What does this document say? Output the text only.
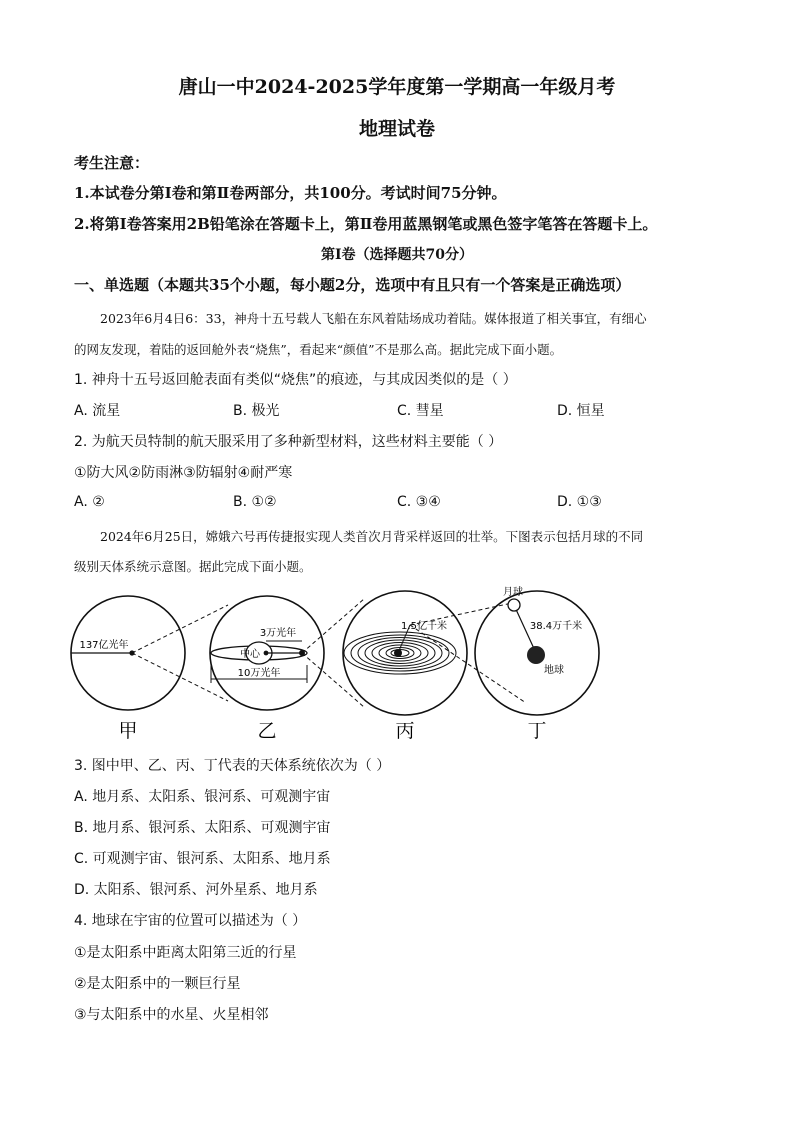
唐山一中2024-2025学年度第一学期高一年级月考
地理试卷
考生注意：
1.本试卷分第Ⅰ卷和第Ⅱ卷两部分，共100分。考试时间75分钟。
2.将第Ⅰ卷答案用2B铅笔涂在答题卡上，第Ⅱ卷用蓝黑钢笔或黑色签字笔答在答题卡上。
第Ⅰ卷（选择题共70分）
一、单选题（本题共35个小题，每小题2分，选项中有且只有一个答案是正确选项）
2023年6月4日6：33，神舟十五号载人飞船在东风着陆场成功着陆。媒体报道了相关事宜，有细心
的网友发现，着陆的返回舱外表“烧焦”，看起来“颜值”不是那么高。据此完成下面小题。
1. 神舟十五号返回舱表面有类似“烧焦”的痕迹，与其成因类似的是（ ）
A. 流星	B. 极光	C. 彗星	D. 恒星
2. 为航天员特制的航天服采用了多种新型材料，这些材料主要能（ ）
①防大风②防雨淋③防辐射④耐严寒
A. ②	B. ①②	C. ③④	D. ①③
2024年6月25日，嫦娥六号再传捷报实现人类首次月背采样返回的壮举。下图表示包括月球的不同
级别天体系统示意图。据此完成下面小题。
137亿光年
3万光年
中心
10万光年
1.5亿千米
月球
38.4万千米
地球
甲	乙	丙	丁
3. 图中甲、乙、丙、丁代表的天体系统依次为（ ）
A. 地月系、太阳系、银河系、可观测宇宙
B. 地月系、银河系、太阳系、可观测宇宙
C. 可观测宇宙、银河系、太阳系、地月系
D. 太阳系、银河系、河外星系、地月系
4. 地球在宇宙的位置可以描述为（ ）
①是太阳系中距离太阳第三近的行星
②是太阳系中的一颗巨行星
③与太阳系中的水星、火星相邻
